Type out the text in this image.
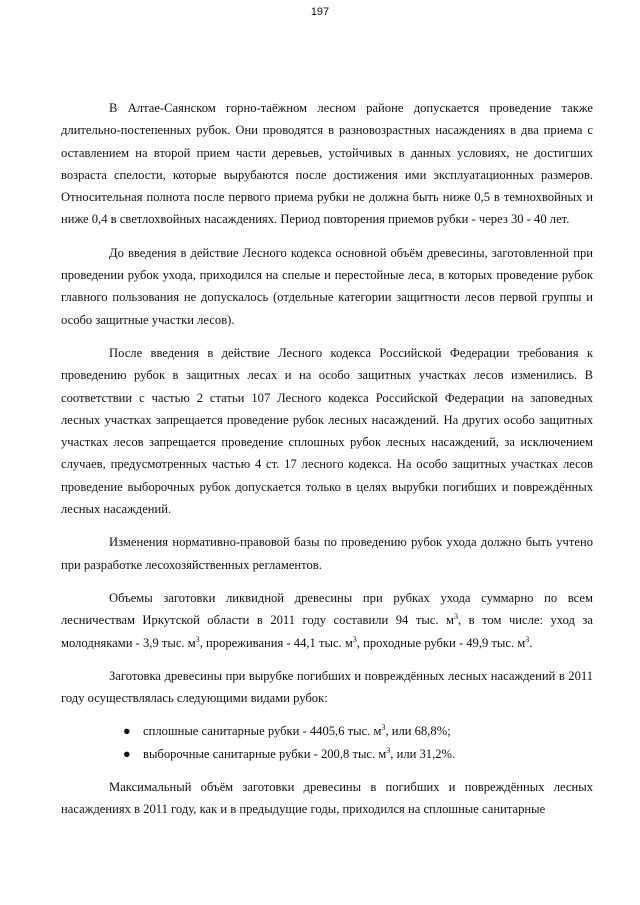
197

В Алтае-Саянском горно-таёжном лесном районе допускается проведение также длительно-постепенных рубок. Они проводятся в разновозрастных насаждениях в два приема с оставлением на второй прием части деревьев, устойчивых в данных условиях, не достигших возраста спелости, которые вырубаются после достижения ими эксплуатационных размеров. Относительная полнота после первого приема рубки не должна быть ниже 0,5 в темнохвойных и ниже 0,4 в светлохвойных насаждениях. Период повторения приемов рубки - через 30 - 40 лет.

До введения в действие Лесного кодекса основной объём древесины, заготовленной при проведении рубок ухода, приходился на спелые и перестойные леса, в которых проведение рубок главного пользования не допускалось (отдельные категории защитности лесов первой группы и особо защитные участки лесов).

После введения в действие Лесного кодекса Российской Федерации требования к проведению рубок в защитных лесах и на особо защитных участках лесов изменились. В соответствии с частью 2 статьи 107 Лесного кодекса Российской Федерации на заповедных лесных участках запрещается проведение рубок лесных насаждений. На других особо защитных участках лесов запрещается проведение сплошных рубок лесных насаждений, за исключением случаев, предусмотренных частью 4 ст. 17 лесного кодекса. На особо защитных участках лесов проведение выборочных рубок допускается только в целях вырубки погибших и повреждённых лесных насаждений.

Изменения нормативно-правовой базы по проведению рубок ухода должно быть учтено при разработке лесохозяйственных регламентов.

Объемы заготовки ликвидной древесины при рубках ухода суммарно по всем лесничествам Иркутской области в 2011 году составили 94 тыс. $м^3$, в том числе: уход за молодняками - 3,9 тыс. $м^3$, прореживания - 44,1 тыс. $м^3$, проходные рубки - 49,9 тыс. $м^3$.

Заготовка древесины при вырубке погибших и повреждённых лесных насаждений в 2011 году осуществлялась следующими видами рубок:

● сплошные санитарные рубки - 4405,6 тыс. $м^3$, или 68,8%;
● выборочные санитарные рубки - 200,8 тыс. $м^3$, или 31,2%.

Максимальный объём заготовки древесины в погибших и повреждённых лесных насаждениях в 2011 году, как и в предыдущие годы, приходился на сплошные санитарные
